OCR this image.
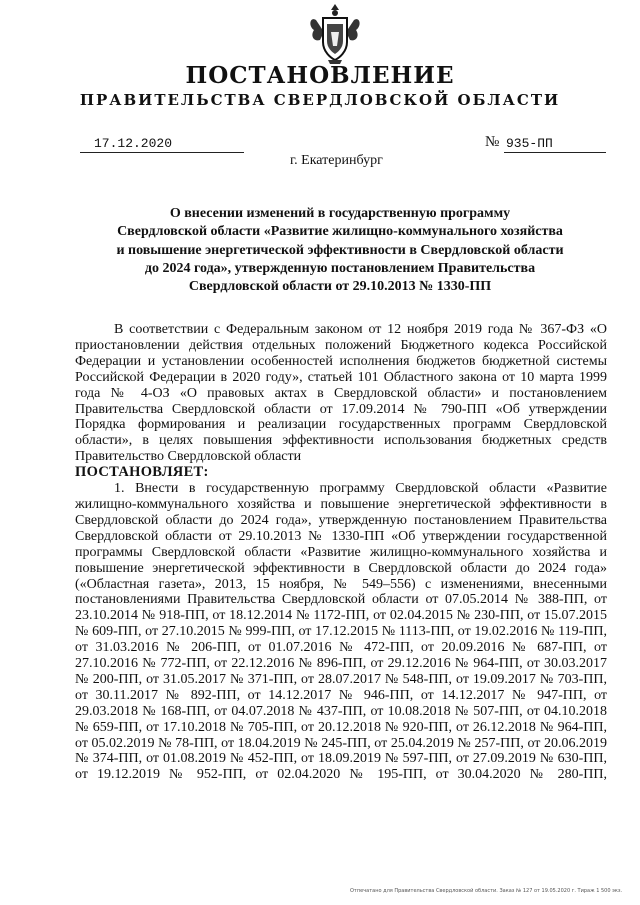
ПОСТАНОВЛЕНИЕ
ПРАВИТЕЛЬСТВА СВЕРДЛОВСКОЙ ОБЛАСТИ
17.12.2020	№ 935-ПП
г. Екатеринбург
О внесении изменений в государственную программу
Свердловской области «Развитие жилищно-коммунального хозяйства
и повышение энергетической эффективности в Свердловской области
до 2024 года», утвержденную постановлением Правительства
Свердловской области от 29.10.2013 № 1330-ПП

В соответствии с Федеральным законом от 12 ноября 2019 года № 367-ФЗ «О приостановлении действия отдельных положений Бюджетного кодекса Российской Федерации и установлении особенностей исполнения бюджетов бюджетной системы Российской Федерации в 2020 году», статьей 101 Областного закона от 10 марта 1999 года № 4-ОЗ «О правовых актах в Свердловской области» и постановлением Правительства Свердловской области от 17.09.2014 № 790-ПП «Об утверждении Порядка формирования и реализации государственных программ Свердловской области», в целях повышения эффективности использования бюджетных средств Правительство Свердловской области

ПОСТАНОВЛЯЕТ:

1. Внести в государственную программу Свердловской области «Развитие жилищно-коммунального хозяйства и повышение энергетической эффективности в Свердловской области до 2024 года», утвержденную постановлением Правительства Свердловской области от 29.10.2013 № 1330-ПП «Об утверждении государственной программы Свердловской области «Развитие жилищно-коммунального хозяйства и повышение энергетической эффективности в Свердловской области до 2024 года» («Областная газета», 2013, 15 ноября, № 549–556) с изменениями, внесенными постановлениями Правительства Свердловской области от 07.05.2014 № 388-ПП, от 23.10.2014 № 918-ПП, от 18.12.2014 № 1172-ПП, от 02.04.2015 № 230-ПП, от 15.07.2015 № 609-ПП, от 27.10.2015 № 999-ПП, от 17.12.2015 № 1113-ПП, от 19.02.2016 № 119-ПП, от 31.03.2016 № 206-ПП, от 01.07.2016 № 472-ПП, от 20.09.2016 № 687-ПП, от 27.10.2016 № 772-ПП, от 22.12.2016 № 896-ПП, от 29.12.2016 № 964-ПП, от 30.03.2017 № 200-ПП, от 31.05.2017 № 371-ПП, от 28.07.2017 № 548-ПП, от 19.09.2017 № 703-ПП, от 30.11.2017 № 892-ПП, от 14.12.2017 № 946-ПП, от 14.12.2017 № 947-ПП, от 29.03.2018 № 168-ПП, от 04.07.2018 № 437-ПП, от 10.08.2018 № 507-ПП, от 04.10.2018 № 659-ПП, от 17.10.2018 № 705-ПП, от 20.12.2018 № 920-ПП, от 26.12.2018 № 964-ПП, от 05.02.2019 № 78-ПП, от 18.04.2019 № 245-ПП, от 25.04.2019 № 257-ПП, от 20.06.2019 № 374-ПП, от 01.08.2019 № 452-ПП, от 18.09.2019 № 597-ПП, от 27.09.2019 № 630-ПП, от 19.12.2019 № 952-ПП, от 02.04.2020 № 195-ПП, от 30.04.2020 № 280-ПП,

Отпечатано для Правительства Свердловской области. Заказ № 127 от 19.05.2020 г. Тираж 1 500 экз.
